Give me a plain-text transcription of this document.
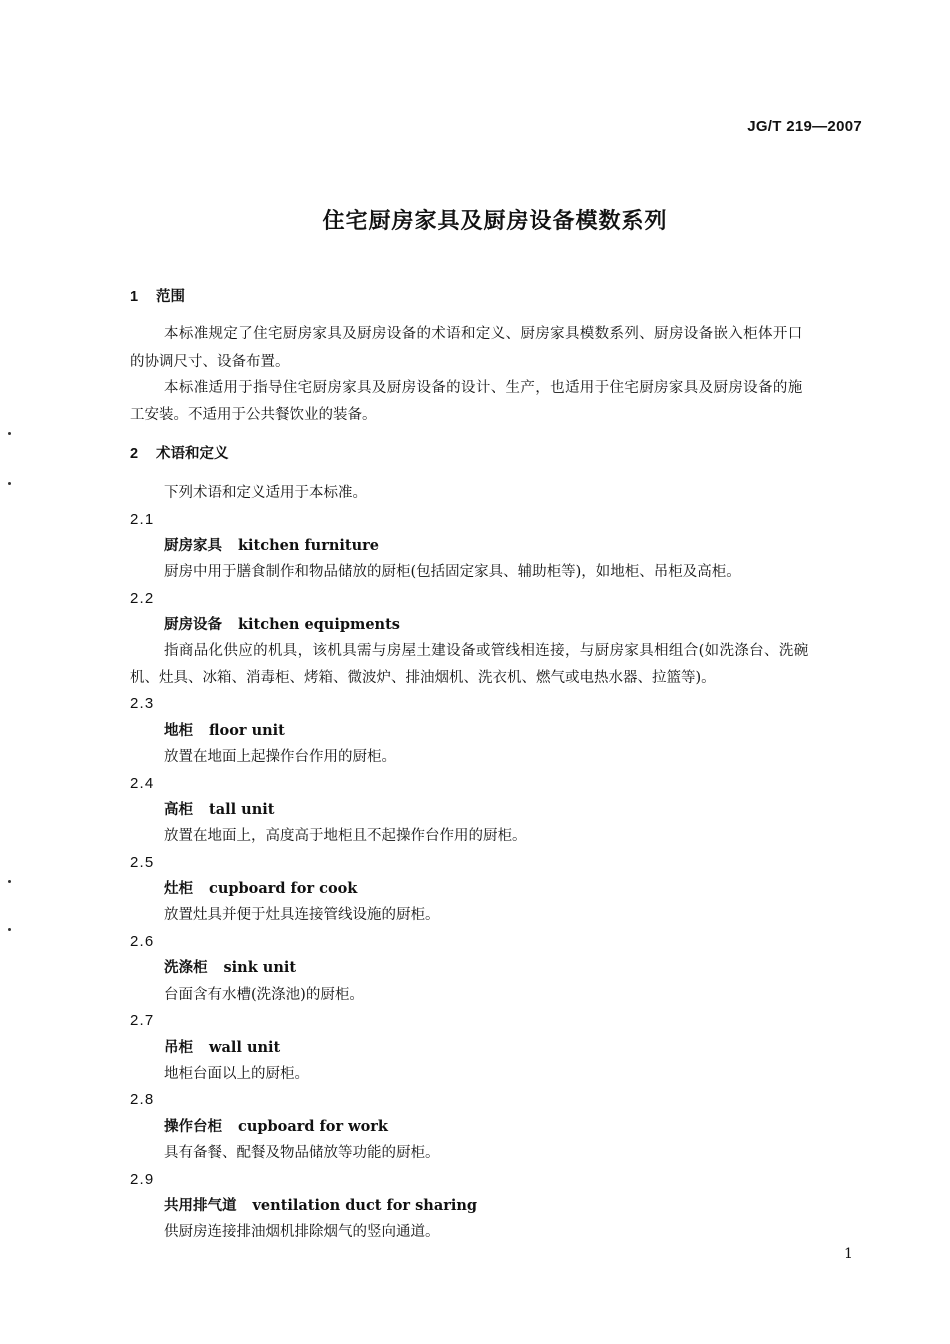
JG/T 219—2007
住宅厨房家具及厨房设备模数系列
1 范围
本标准规定了住宅厨房家具及厨房设备的术语和定义、厨房家具模数系列、厨房设备嵌入柜体开口
的协调尺寸、设备布置。
本标准适用于指导住宅厨房家具及厨房设备的设计、生产，也适用于住宅厨房家具及厨房设备的施
工安装。不适用于公共餐饮业的装备。
2 术语和定义
下列术语和定义适用于本标准。
2.1
厨房家具 kitchen furniture
厨房中用于膳食制作和物品储放的厨柜(包括固定家具、辅助柜等)，如地柜、吊柜及高柜。
2.2
厨房设备 kitchen equipments
指商品化供应的机具，该机具需与房屋土建设备或管线相连接，与厨房家具相组合(如洗涤台、洗碗
机、灶具、冰箱、消毒柜、烤箱、微波炉、排油烟机、洗衣机、燃气或电热水器、拉篮等)。
2.3
地柜 floor unit
放置在地面上起操作台作用的厨柜。
2.4
高柜 tall unit
放置在地面上，高度高于地柜且不起操作台作用的厨柜。
2.5
灶柜 cupboard for cook
放置灶具并便于灶具连接管线设施的厨柜。
2.6
洗涤柜 sink unit
台面含有水槽(洗涤池)的厨柜。
2.7
吊柜 wall unit
地柜台面以上的厨柜。
2.8
操作台柜 cupboard for work
具有备餐、配餐及物品储放等功能的厨柜。
2.9
共用排气道 ventilation duct for sharing
供厨房连接排油烟机排除烟气的竖向通道。
1
